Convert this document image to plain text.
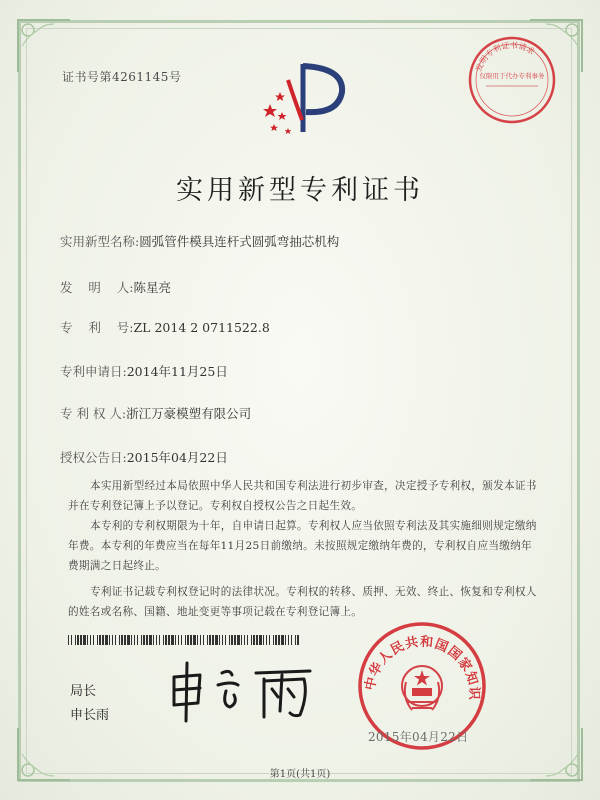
证书号第4261145号
发明专利证书请求
仅限用于代办专利事务
实用新型专利证书
实用新型名称:圆弧管件模具连杆式圆弧弯抽芯机构
发    明    人:陈星亮
专    利    号:ZL 2014 2 0711522.8
专利申请日:2014年11月25日
专 利 权 人:浙江万豪模塑有限公司
授权公告日:2015年04月22日

本实用新型经过本局依照中华人民共和国专利法进行初步审查，决定授予专利权，颁发本证书并在专利登记簿上予以登记。专利权自授权公告之日起生效。

本专利的专利权期限为十年，自申请日起算。专利权人应当依照专利法及其实施细则规定缴纳年费。本专利的年费应当在每年11月25日前缴纳。未按照规定缴纳年费的，专利权自应当缴纳年费期满之日起终止。

专利证书记载专利权登记时的法律状况。专利权的转移、质押、无效、终止、恢复和专利权人的姓名或名称、国籍、地址变更等事项记载在专利登记簿上。

局长
申长雨
中华人民共和国国家知识
2015年04月22日
第1页(共1页)
